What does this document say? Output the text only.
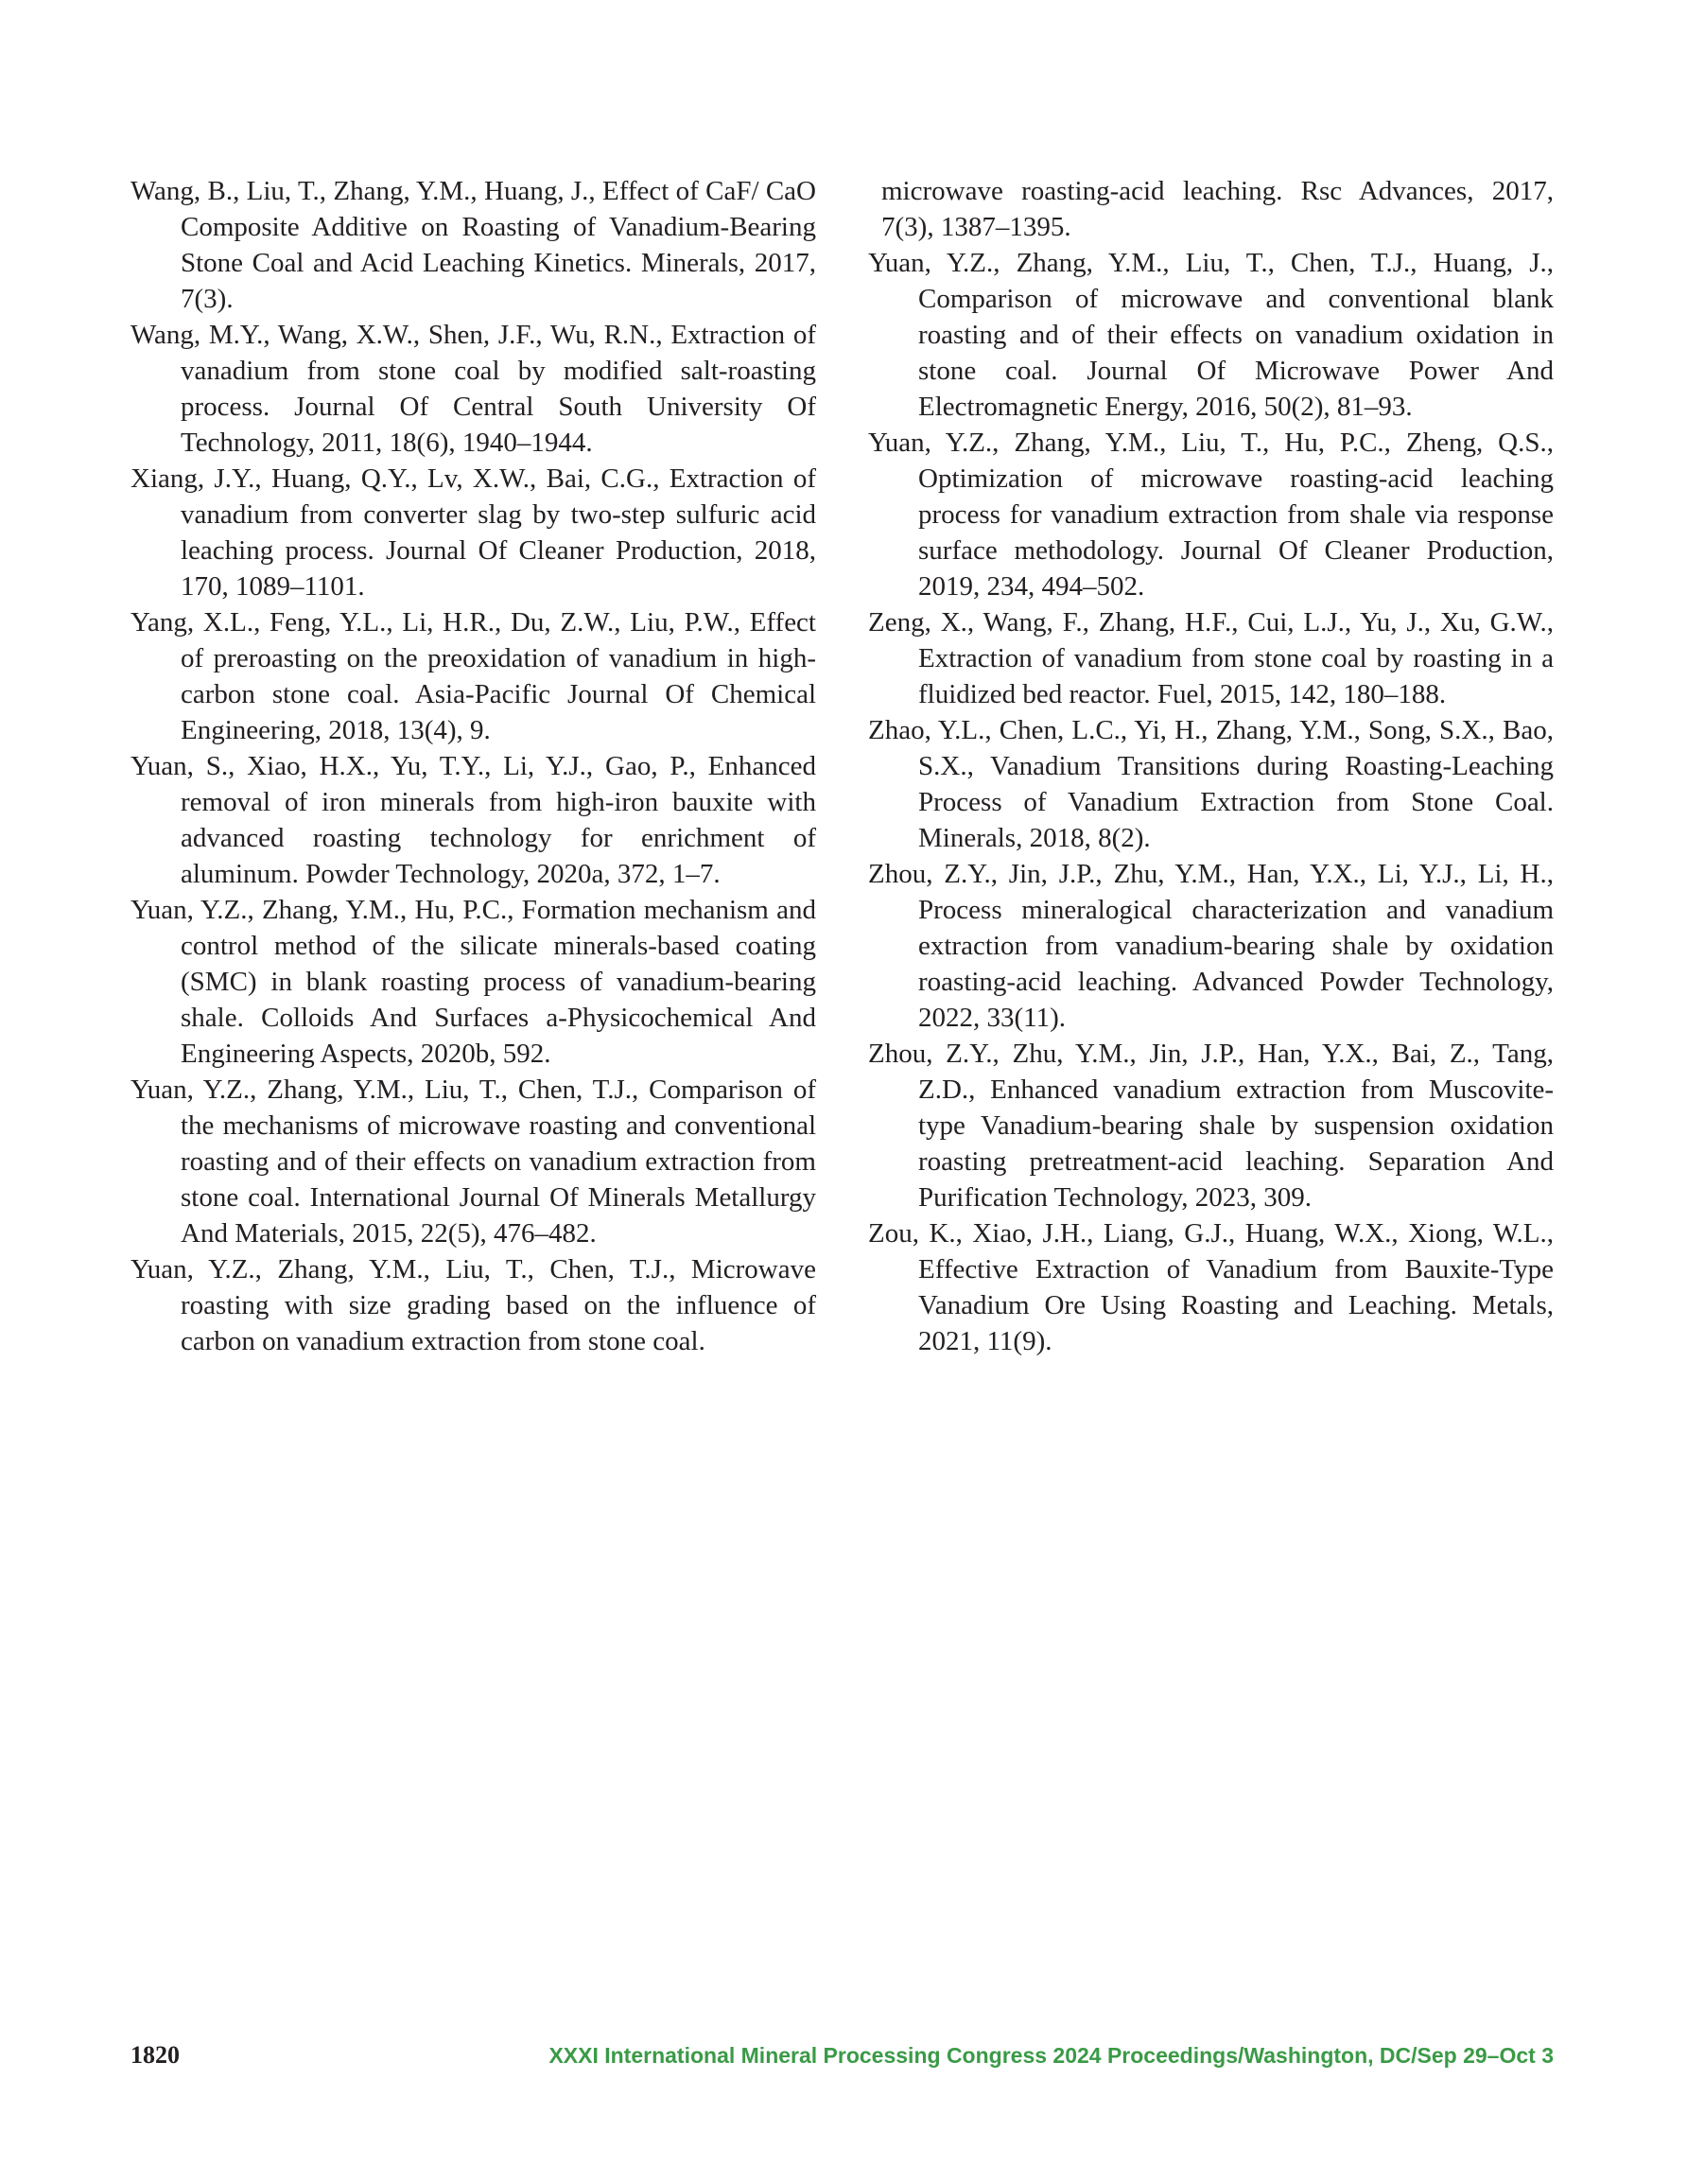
Wang, B., Liu, T., Zhang, Y.M., Huang, J., Effect of CaF/ CaO Composite Additive on Roasting of Vanadium-Bearing Stone Coal and Acid Leaching Kinetics. Minerals, 2017, 7(3).

Wang, M.Y., Wang, X.W., Shen, J.F., Wu, R.N., Extraction of vanadium from stone coal by modified salt-roasting process. Journal Of Central South University Of Technology, 2011, 18(6), 1940–1944.

Xiang, J.Y., Huang, Q.Y., Lv, X.W., Bai, C.G., Extraction of vanadium from converter slag by two-step sulfuric acid leaching process. Journal Of Cleaner Production, 2018, 170, 1089–1101.

Yang, X.L., Feng, Y.L., Li, H.R., Du, Z.W., Liu, P.W., Effect of preroasting on the preoxidation of vanadium in high-carbon stone coal. Asia-Pacific Journal Of Chemical Engineering, 2018, 13(4), 9.

Yuan, S., Xiao, H.X., Yu, T.Y., Li, Y.J., Gao, P., Enhanced removal of iron minerals from high-iron bauxite with advanced roasting technology for enrichment of aluminum. Powder Technology, 2020a, 372, 1–7.

Yuan, Y.Z., Zhang, Y.M., Hu, P.C., Formation mechanism and control method of the silicate minerals-based coating (SMC) in blank roasting process of vanadium-bearing shale. Colloids And Surfaces a-Physicochemical And Engineering Aspects, 2020b, 592.

Yuan, Y.Z., Zhang, Y.M., Liu, T., Chen, T.J., Comparison of the mechanisms of microwave roasting and conventional roasting and of their effects on vanadium extraction from stone coal. International Journal Of Minerals Metallurgy And Materials, 2015, 22(5), 476–482.

Yuan, Y.Z., Zhang, Y.M., Liu, T., Chen, T.J., Microwave roasting with size grading based on the influence of carbon on vanadium extraction from stone coal.

microwave roasting-acid leaching. Rsc Advances, 2017, 7(3), 1387–1395.

Yuan, Y.Z., Zhang, Y.M., Liu, T., Chen, T.J., Huang, J., Comparison of microwave and conventional blank roasting and of their effects on vanadium oxidation in stone coal. Journal Of Microwave Power And Electromagnetic Energy, 2016, 50(2), 81–93.

Yuan, Y.Z., Zhang, Y.M., Liu, T., Hu, P.C., Zheng, Q.S., Optimization of microwave roasting-acid leaching process for vanadium extraction from shale via response surface methodology. Journal Of Cleaner Production, 2019, 234, 494–502.

Zeng, X., Wang, F., Zhang, H.F., Cui, L.J., Yu, J., Xu, G.W., Extraction of vanadium from stone coal by roasting in a fluidized bed reactor. Fuel, 2015, 142, 180–188.

Zhao, Y.L., Chen, L.C., Yi, H., Zhang, Y.M., Song, S.X., Bao, S.X., Vanadium Transitions during Roasting-Leaching Process of Vanadium Extraction from Stone Coal. Minerals, 2018, 8(2).

Zhou, Z.Y., Jin, J.P., Zhu, Y.M., Han, Y.X., Li, Y.J., Li, H., Process mineralogical characterization and vanadium extraction from vanadium-bearing shale by oxidation roasting-acid leaching. Advanced Powder Technology, 2022, 33(11).

Zhou, Z.Y., Zhu, Y.M., Jin, J.P., Han, Y.X., Bai, Z., Tang, Z.D., Enhanced vanadium extraction from Muscovite-type Vanadium-bearing shale by suspension oxidation roasting pretreatment-acid leaching. Separation And Purification Technology, 2023, 309.

Zou, K., Xiao, J.H., Liang, G.J., Huang, W.X., Xiong, W.L., Effective Extraction of Vanadium from Bauxite-Type Vanadium Ore Using Roasting and Leaching. Metals, 2021, 11(9).

1820	XXXI International Mineral Processing Congress 2024 Proceedings/Washington, DC/Sep 29–Oct 3
